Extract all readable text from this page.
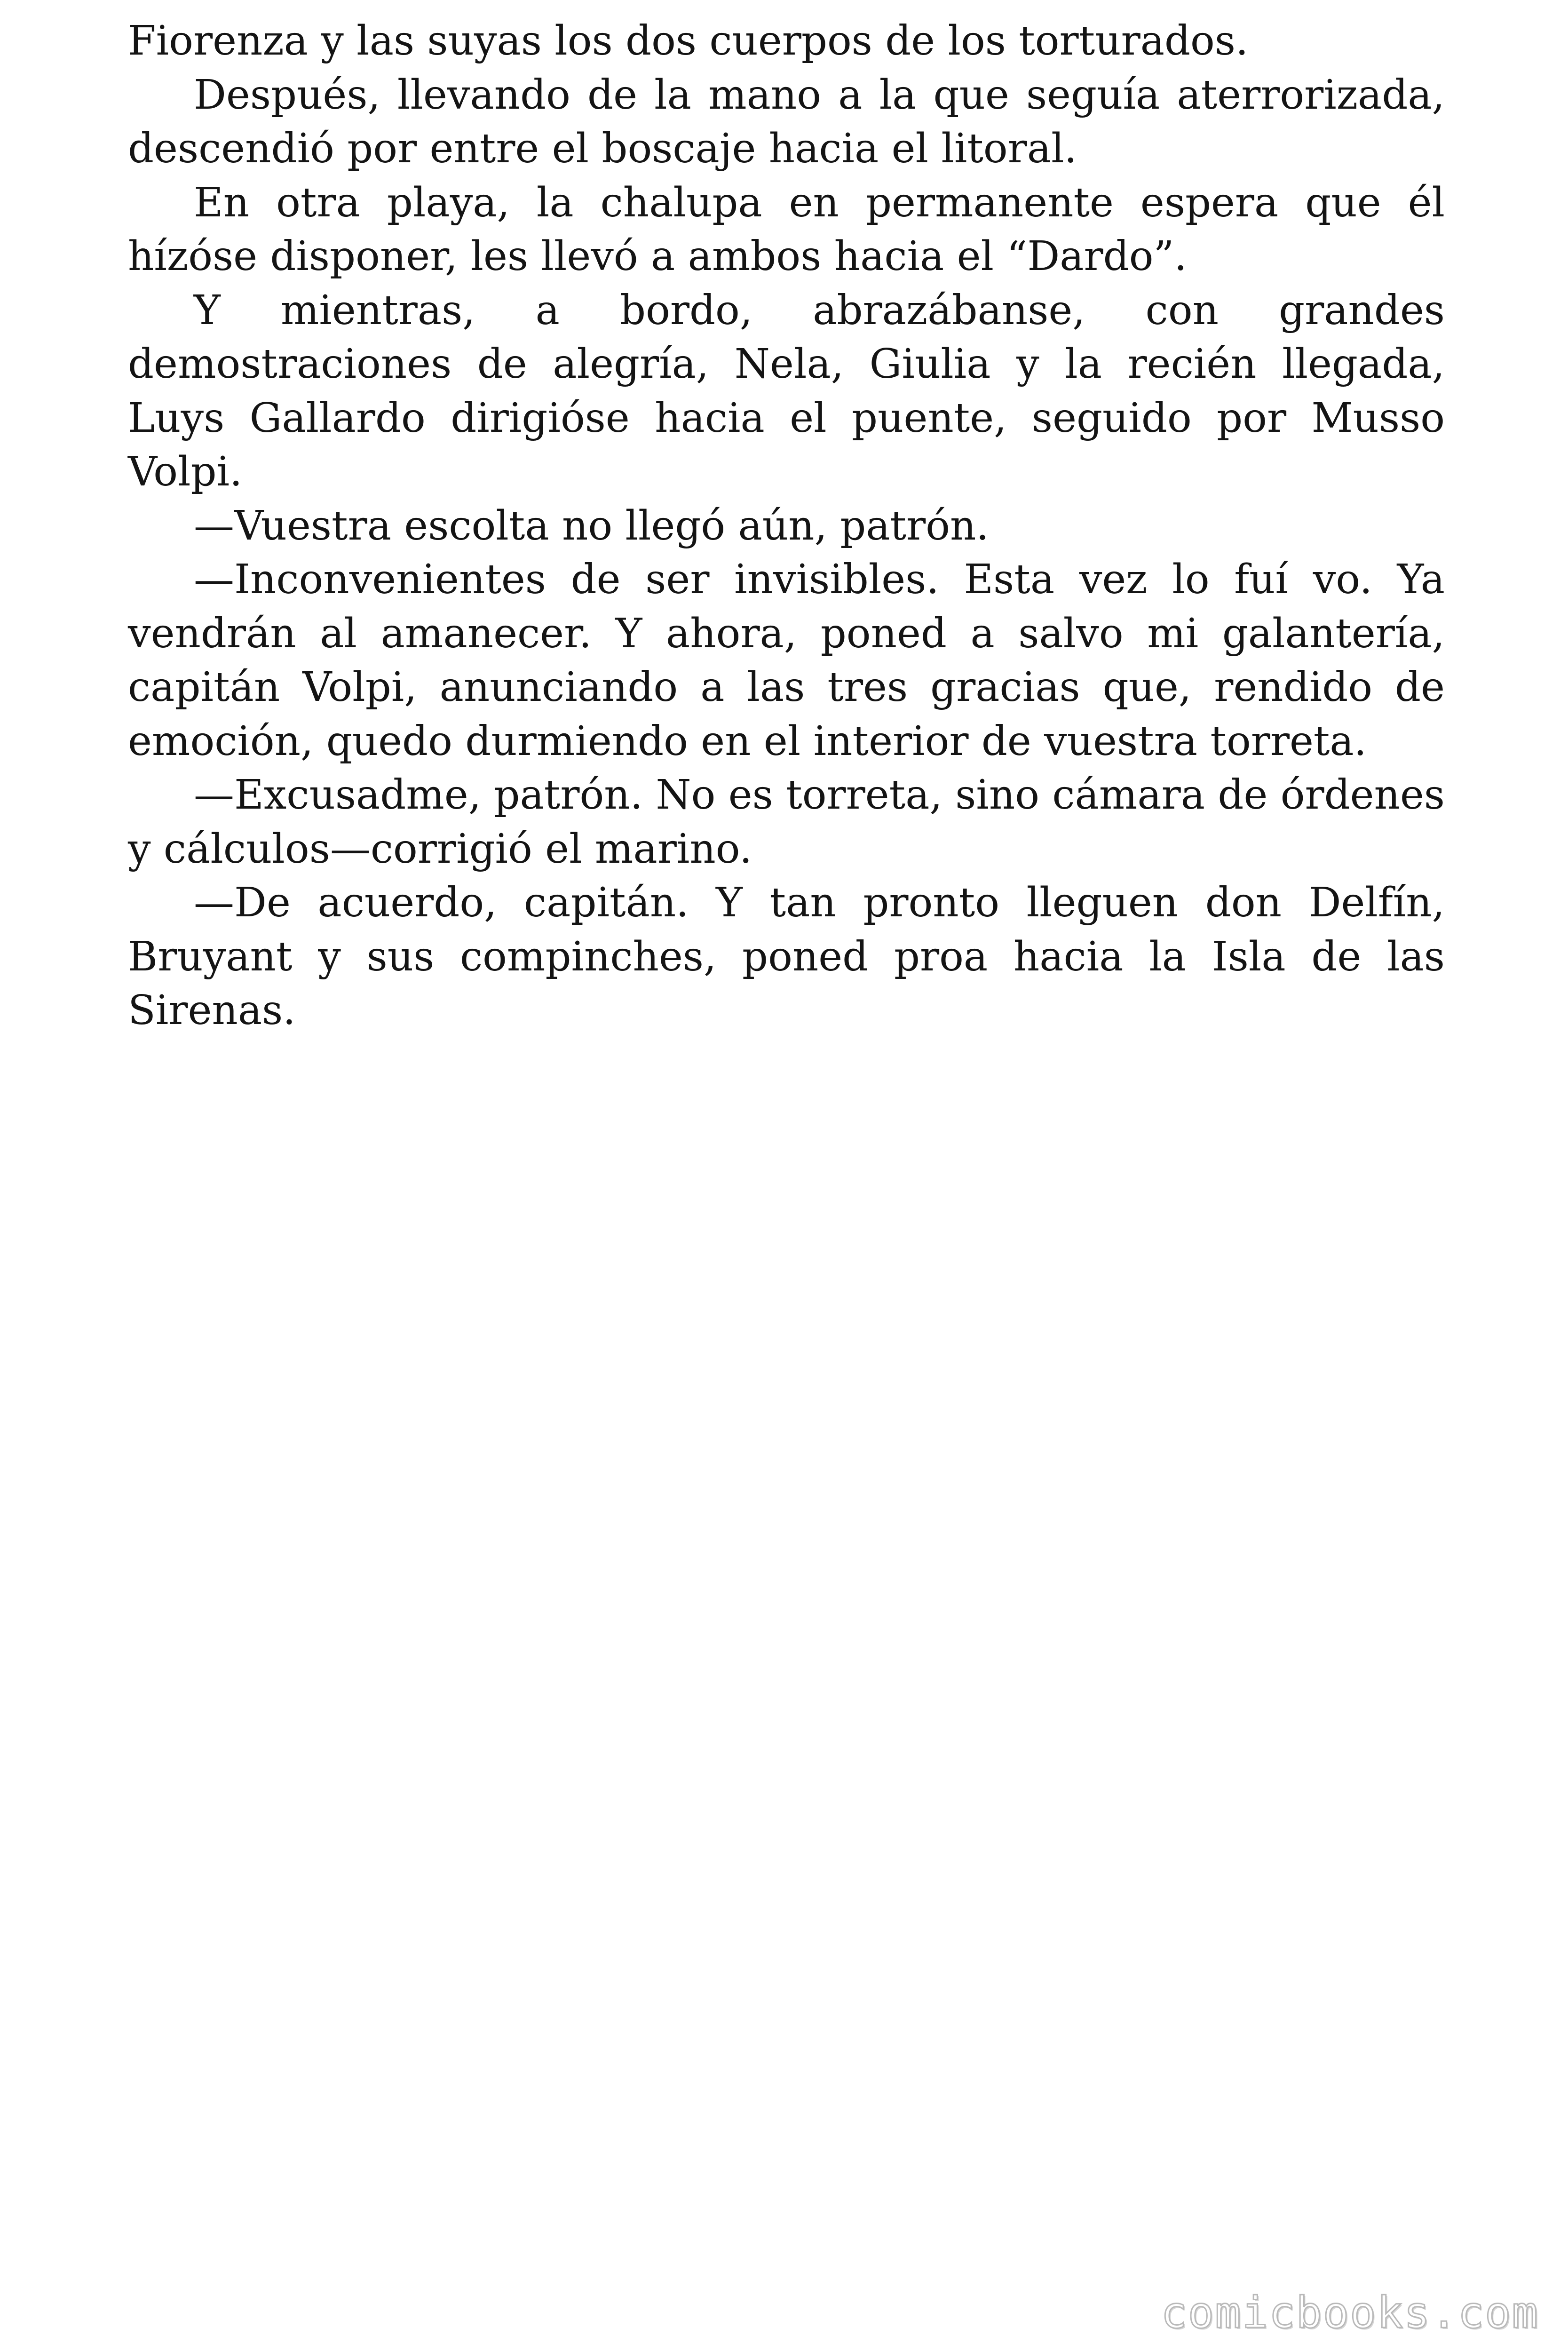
Fiorenza y las suyas los dos cuerpos de los torturados.

Después, llevando de la mano a la que seguía aterrorizada, descendió por entre el boscaje hacia el litoral.

En otra playa, la chalupa en permanente espera que él hízóse disponer, les llevó a ambos hacia el “Dardo”.

Y mientras, a bordo, abrazábanse, con grandes demostraciones de alegría, Nela, Giulia y la recién llegada, Luys Gallardo dirigióse hacia el puente, seguido por Musso Volpi.

—Vuestra escolta no llegó aún, patrón.

—Inconvenientes de ser invisibles. Esta vez lo fuí vo. Ya vendrán al amanecer. Y ahora, poned a salvo mi galantería, capitán Volpi, anunciando a las tres gracias que, rendido de emoción, quedo durmiendo en el interior de vuestra torreta.

—Excusadme, patrón. No es torreta, sino cámara de órdenes y cálculos—corrigió el marino.

—De acuerdo, capitán. Y tan pronto lleguen don Delfín, Bruyant y sus compinches, poned proa hacia la Isla de las Sirenas.

comicbooks.com
